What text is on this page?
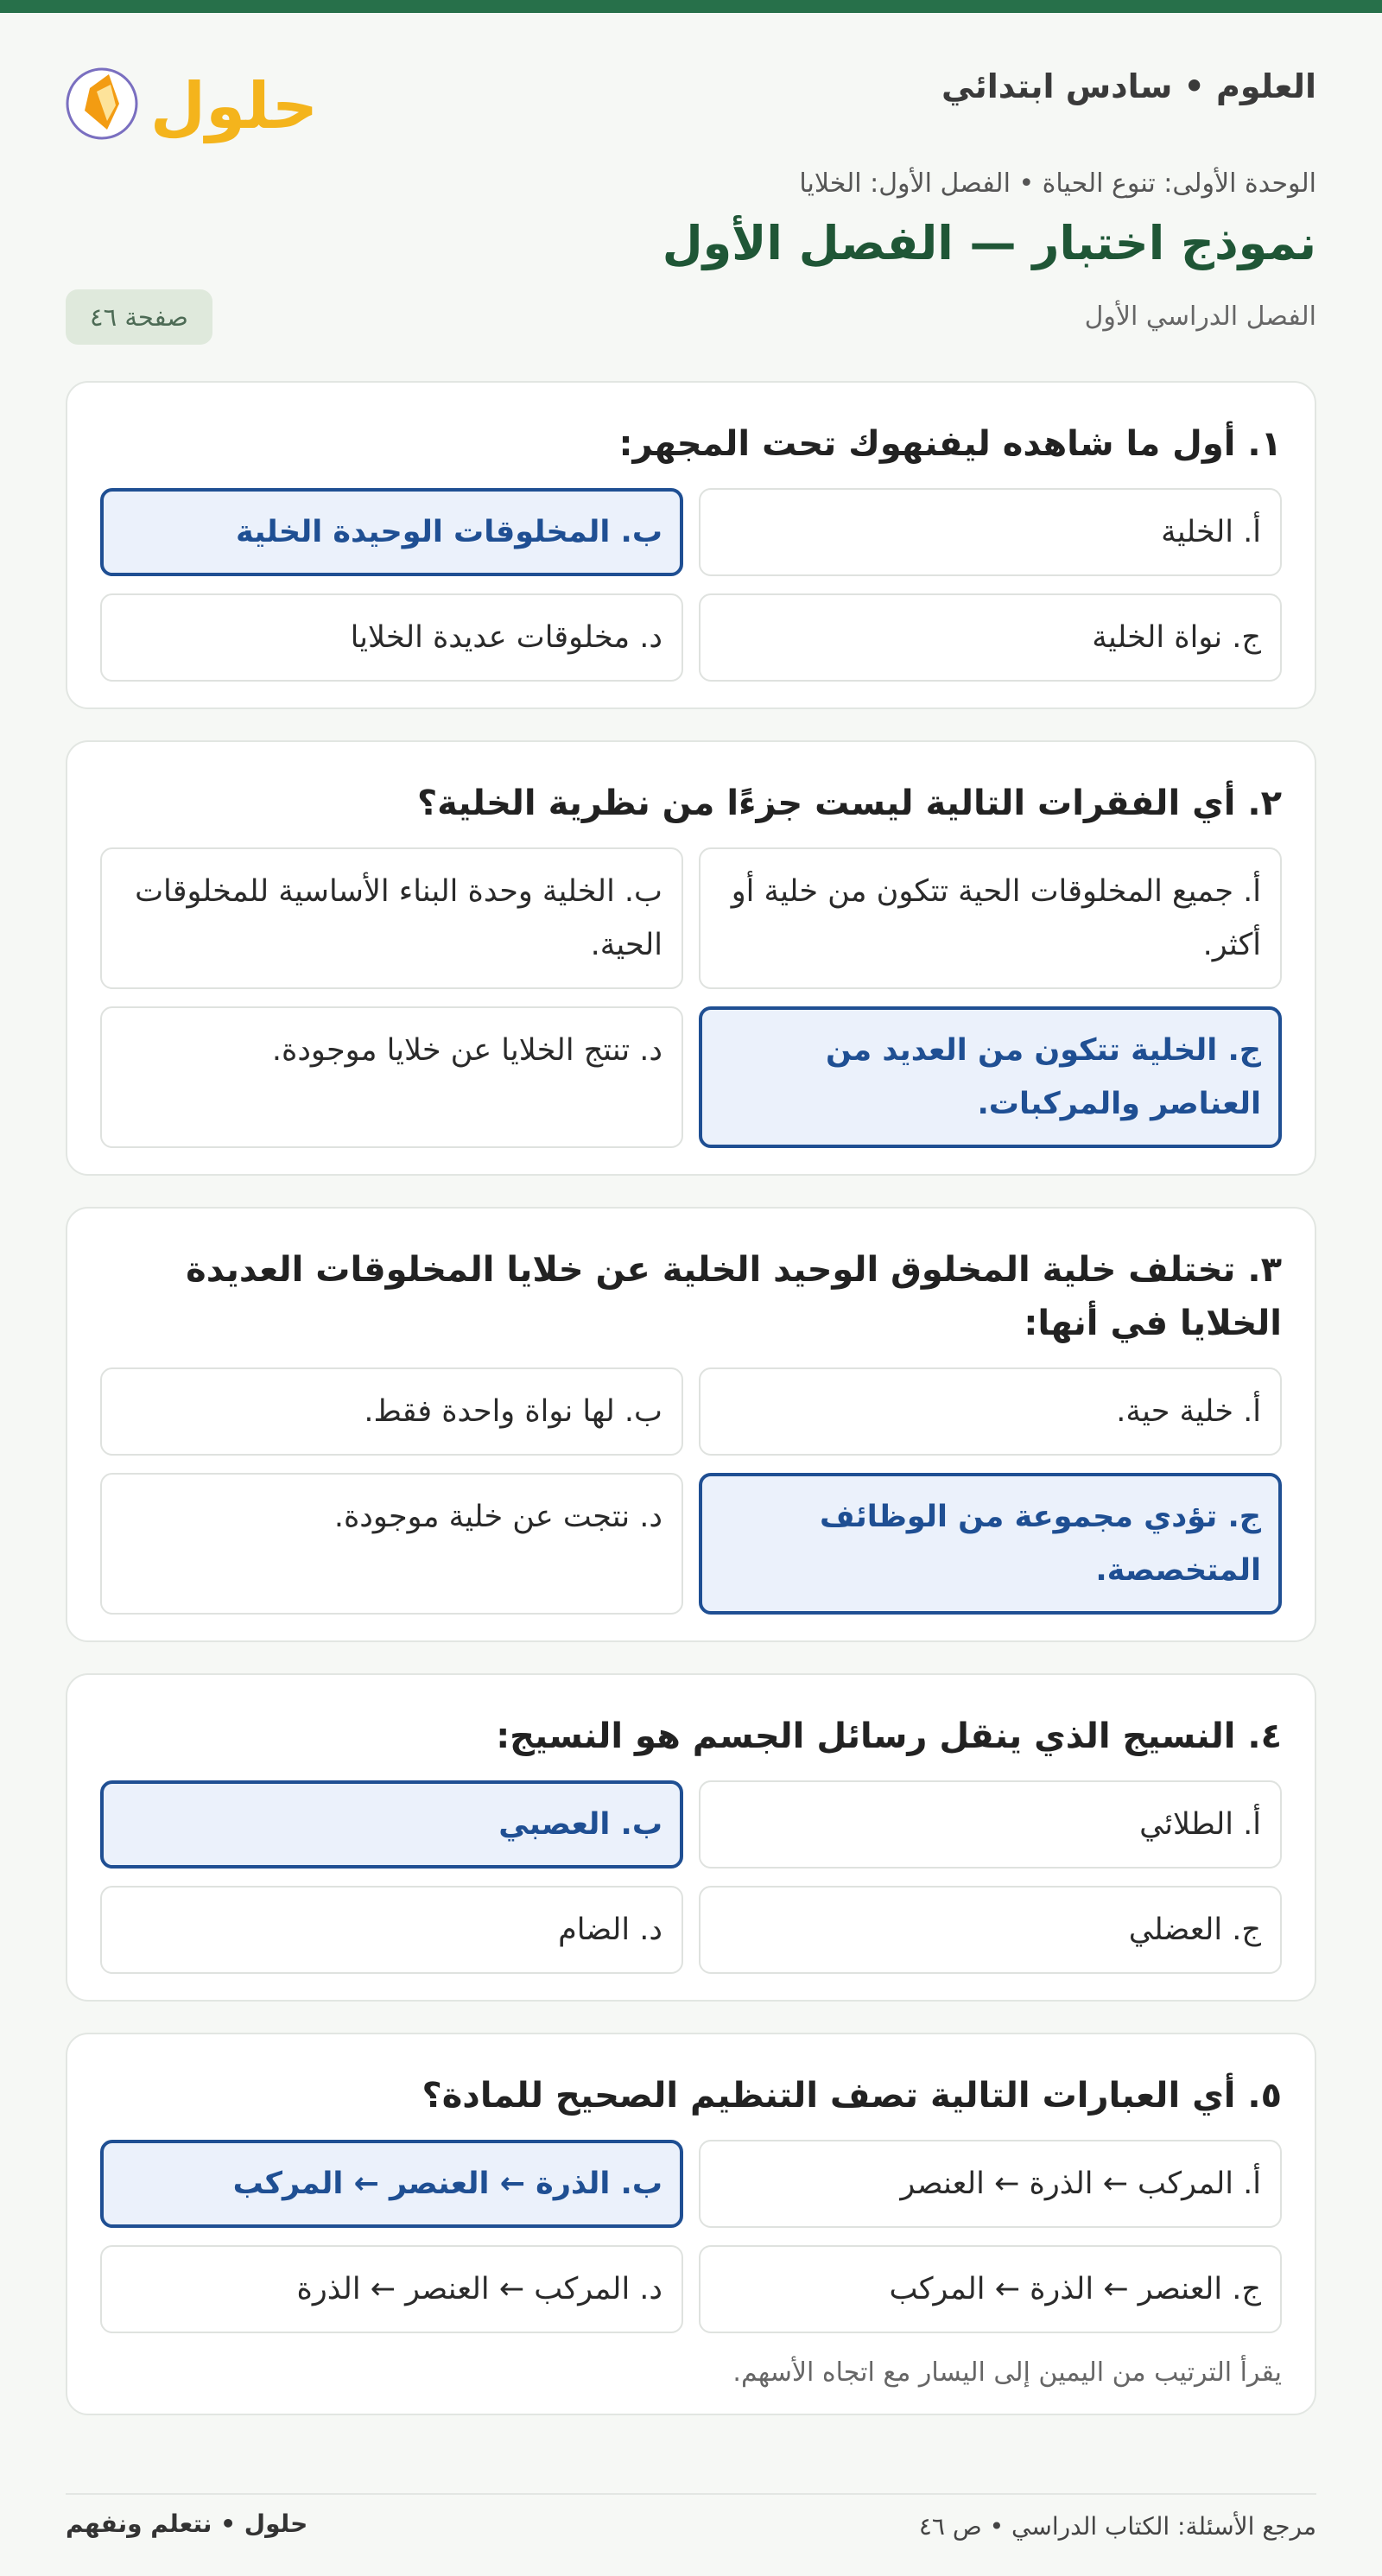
العلوم • سادس ابتدائي
حلول
الوحدة الأولى: تنوع الحياة • الفصل الأول: الخلايا
نموذج اختبار — الفصل الأول
الفصل الدراسي الأول
صفحة ٤٦
١. أول ما شاهده ليفنهوك تحت المجهر:
أ. الخلية
ب. المخلوقات الوحيدة الخلية
ج. نواة الخلية
د. مخلوقات عديدة الخلايا
٢. أي الفقرات التالية ليست جزءًا من نظرية الخلية؟
أ. جميع المخلوقات الحية تتكون من خلية أو أكثر.
ب. الخلية وحدة البناء الأساسية للمخلوقات الحية.
ج. الخلية تتكون من العديد من العناصر والمركبات.
د. تنتج الخلايا عن خلايا موجودة.
٣. تختلف خلية المخلوق الوحيد الخلية عن خلايا المخلوقات العديدة الخلايا في أنها:
أ. خلية حية.
ب. لها نواة واحدة فقط.
ج. تؤدي مجموعة من الوظائف المتخصصة.
د. نتجت عن خلية موجودة.
٤. النسيج الذي ينقل رسائل الجسم هو النسيج:
أ. الطلائي
ب. العصبي
ج. العضلي
د. الضام
٥. أي العبارات التالية تصف التنظيم الصحيح للمادة؟
أ. المركب ← الذرة ← العنصر
ب. الذرة ← العنصر ← المركب
ج. العنصر ← الذرة ← المركب
د. المركب ← العنصر ← الذرة
يقرأ الترتيب من اليمين إلى اليسار مع اتجاه الأسهم.
مرجع الأسئلة: الكتاب الدراسي • ص ٤٦
حلول • نتعلم ونفهم
